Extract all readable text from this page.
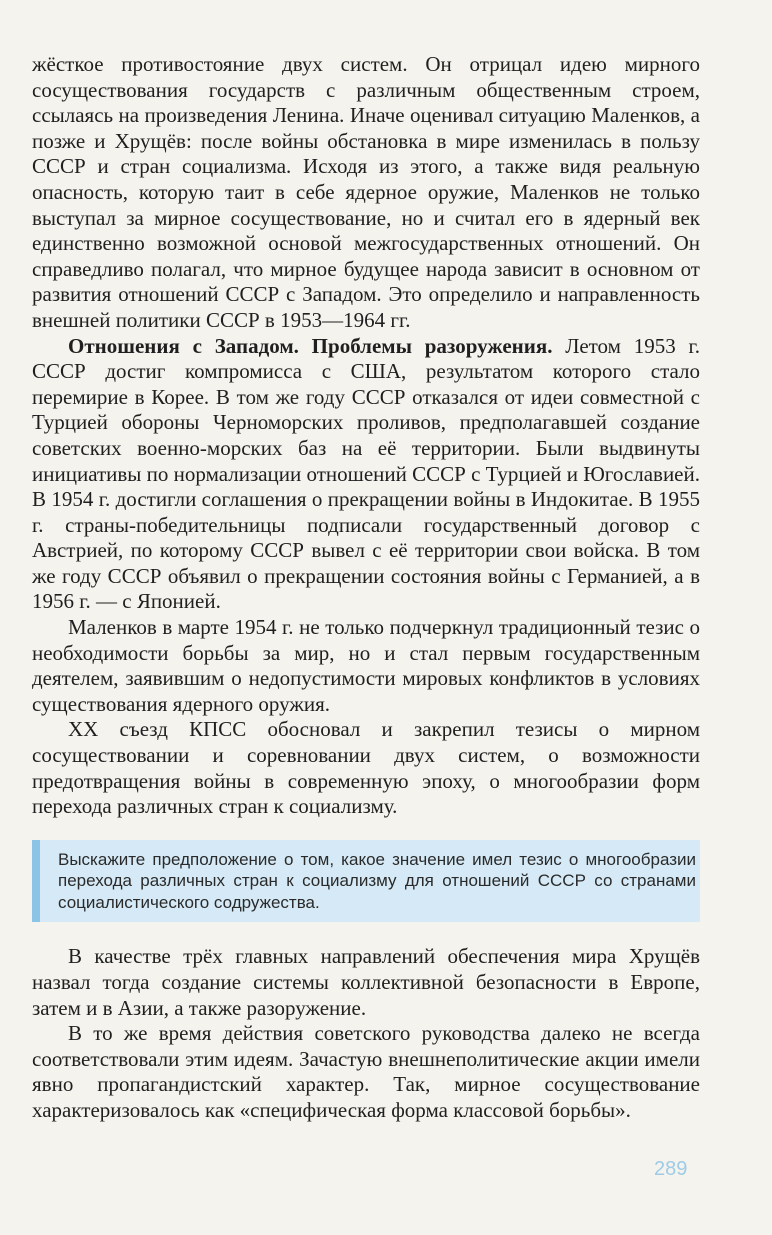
жёсткое противостояние двух систем. Он отрицал идею мирного сосуществования государств с различным общественным строем, ссылаясь на произведения Ленина. Иначе оценивал ситуацию Маленков, а позже и Хрущёв: после войны обстановка в мире изменилась в пользу СССР и стран социализма. Исходя из этого, а также видя реальную опасность, которую таит в себе ядерное оружие, Маленков не только выступал за мирное сосуществование, но и считал его в ядерный век единственно возможной основой межгосударственных отношений. Он справедливо полагал, что мирное будущее народа зависит в основном от развития отношений СССР с Западом. Это определило и направленность внешней политики СССР в 1953—1964 гг.

Отношения с Западом. Проблемы разоружения. Летом 1953 г. СССР достиг компромисса с США, результатом которого стало перемирие в Корее. В том же году СССР отказался от идеи совместной с Турцией обороны Черноморских проливов, предполагавшей создание советских военно-морских баз на её территории. Были выдвинуты инициативы по нормализации отношений СССР с Турцией и Югославией. В 1954 г. достигли соглашения о прекращении войны в Индокитае. В 1955 г. страны-победительницы подписали государственный договор с Австрией, по которому СССР вывел с её территории свои войска. В том же году СССР объявил о прекращении состояния войны с Германией, а в 1956 г. — с Японией.

Маленков в марте 1954 г. не только подчеркнул традиционный тезис о необходимости борьбы за мир, но и стал первым государственным деятелем, заявившим о недопустимости мировых конфликтов в условиях существования ядерного оружия.

XX съезд КПСС обосновал и закрепил тезисы о мирном сосуществовании и соревновании двух систем, о возможности предотвращения войны в современную эпоху, о многообразии форм перехода различных стран к социализму.

Выскажите предположение о том, какое значение имел тезис о многообразии перехода различных стран к социализму для отношений СССР со странами социалистического содружества.

В качестве трёх главных направлений обеспечения мира Хрущёв назвал тогда создание системы коллективной безопасности в Европе, затем и в Азии, а также разоружение.

В то же время действия советского руководства далеко не всегда соответствовали этим идеям. Зачастую внешнеполитические акции имели явно пропагандистский характер. Так, мирное сосуществование характеризовалось как «специфическая форма классовой борьбы».

289
